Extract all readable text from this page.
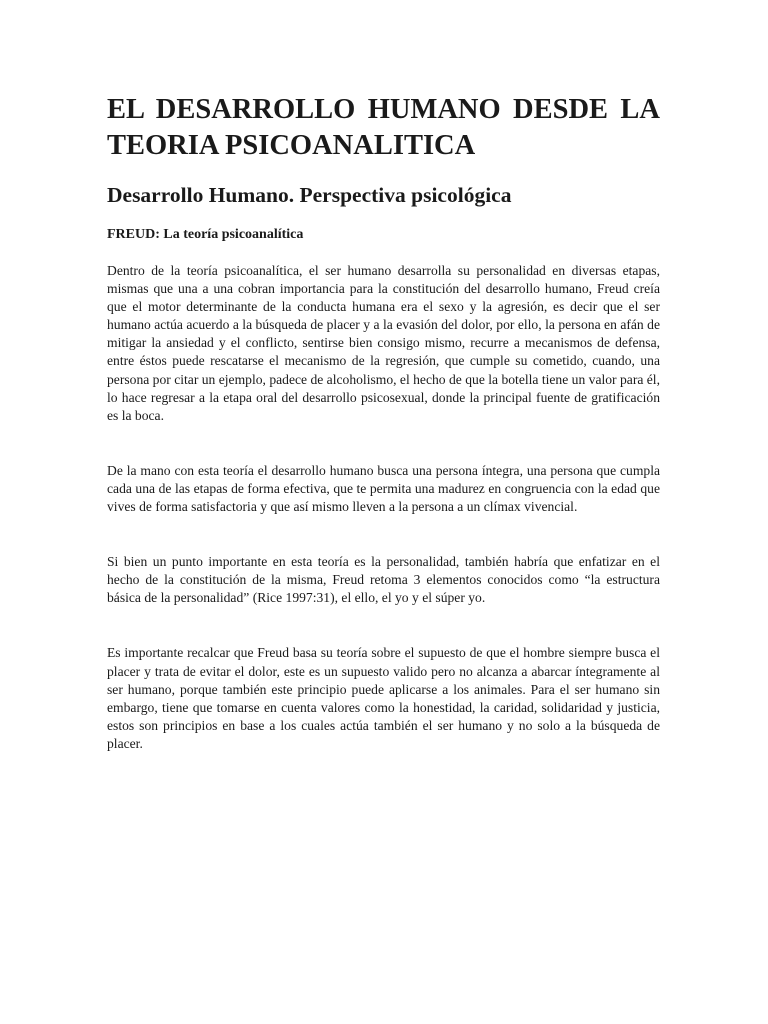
EL DESARROLLO HUMANO DESDE LA TEORIA PSICOANALITICA
Desarrollo Humano. Perspectiva psicológica
FREUD: La teoría psicoanalítica

Dentro de la teoría psicoanalítica, el ser humano desarrolla su personalidad en diversas etapas, mismas que una a una cobran importancia para la constitución del desarrollo humano, Freud creía que el motor determinante de la conducta humana era el sexo y la agresión, es decir que el ser humano actúa acuerdo a la búsqueda de placer y a la evasión del dolor, por ello, la persona en afán de mitigar la ansiedad y el conflicto, sentirse bien consigo mismo, recurre a mecanismos de defensa, entre éstos puede rescatarse el mecanismo de la regresión, que cumple su cometido, cuando, una persona por citar un ejemplo, padece de alcoholismo, el hecho de que la botella tiene un valor para él, lo hace regresar a la etapa oral del desarrollo psicosexual, donde la principal fuente de gratificación es la boca.

De la mano con esta teoría el desarrollo humano busca una persona íntegra, una persona que cumpla cada una de las etapas de forma efectiva, que te permita una madurez en congruencia con la edad que vives de forma satisfactoria y que así mismo lleven a la persona a un clímax vivencial.

Si bien un punto importante en esta teoría es la personalidad, también habría que enfatizar en el hecho de la constitución de la misma, Freud retoma 3 elementos conocidos como “la estructura básica de la personalidad” (Rice 1997:31), el ello, el yo y el súper yo.

Es importante recalcar que Freud basa su teoría sobre el supuesto de que el hombre siempre busca el placer y trata de evitar el dolor, este es un supuesto valido pero no alcanza a abarcar íntegramente al ser humano, porque también este principio puede aplicarse a los animales. Para el ser humano sin embargo, tiene que tomarse en cuenta valores como la honestidad, la caridad, solidaridad y justicia, estos son principios en base a los cuales actúa también el ser humano y no solo a la búsqueda de placer.
